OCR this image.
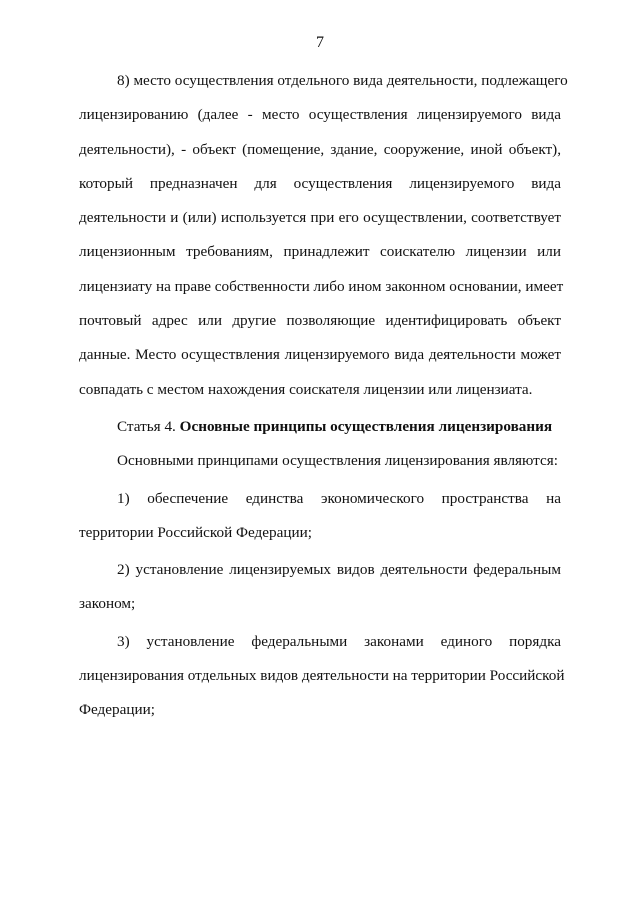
7
8) место осуществления отдельного вида деятельности, подлежащего
лицензированию (далее - место осуществления лицензируемого вида
деятельности), - объект (помещение, здание, сооружение, иной объект),
который предназначен для осуществления лицензируемого вида
деятельности и (или) используется при его осуществлении, соответствует
лицензионным требованиям, принадлежит соискателю лицензии или
лицензиату на праве собственности либо ином законном основании, имеет
почтовый адрес или другие позволяющие идентифицировать объект
данные. Место осуществления лицензируемого вида деятельности может
совпадать с местом нахождения соискателя лицензии или лицензиата.
Статья 4. Основные принципы осуществления лицензирования
Основными принципами осуществления лицензирования являются:
1) обеспечение единства экономического пространства на
территории Российской Федерации;
2) установление лицензируемых видов деятельности федеральным
законом;
3) установление федеральными законами единого порядка
лицензирования отдельных видов деятельности на территории Российской
Федерации;
